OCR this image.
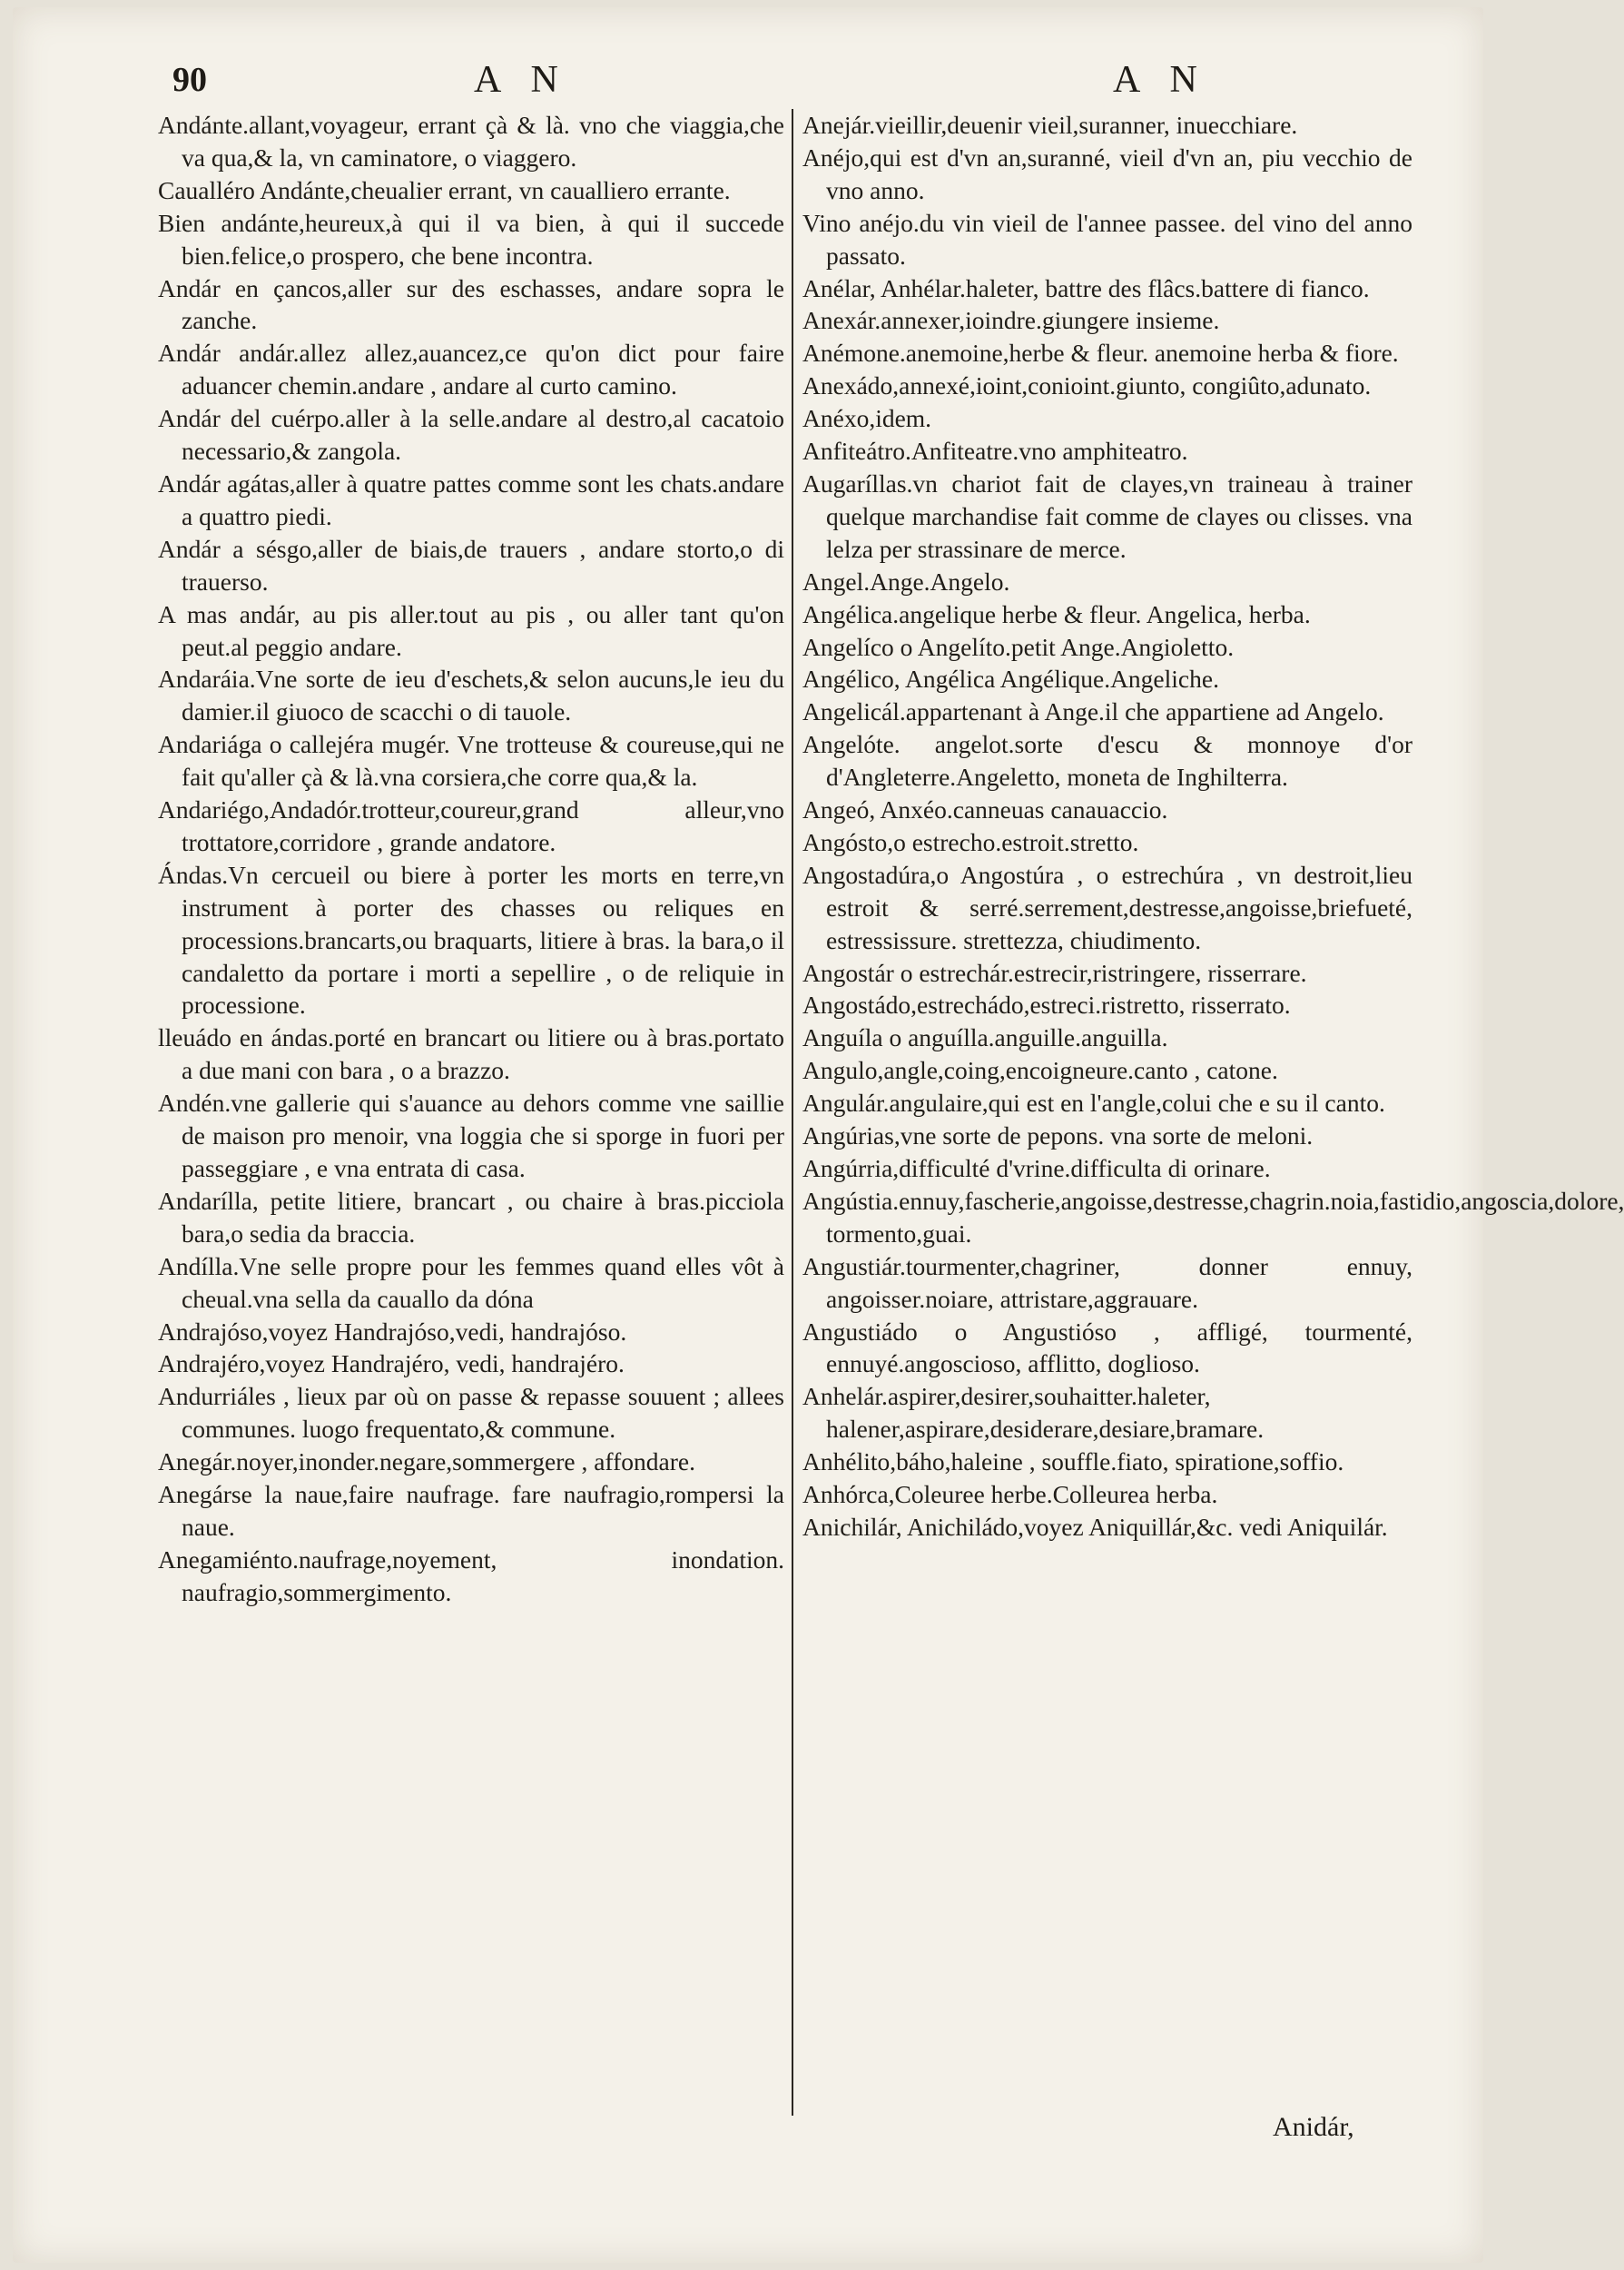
90	A N	A N

Andánte.allant,voyageur, errant çà & là. vno che viaggia,che va qua,& la, vn caminatore, o viaggero.

Caualléro Andánte,cheualier errant, vn caualliero errante.

Bien andánte,heureux,à qui il va bien, à qui il succede bien.felice,o prospero, che bene incontra.

Andár en çancos,aller sur des eschasses, andare sopra le zanche.

Andár andár.allez allez,auancez,ce qu'on dict pour faire aduancer chemin.andare , andare al curto camino.

Andár del cuérpo.aller à la selle.andare al destro,al cacatoio necessario,& zangola.

Andár agátas,aller à quatre pattes comme sont les chats.andare a quattro piedi.

Andár a sésgo,aller de biais,de trauers , andare storto,o di trauerso.

A mas andár, au pis aller.tout au pis , ou aller tant qu'on peut.al peggio andare.

Andaráia.Vne sorte de ieu d'eschets,& selon aucuns,le ieu du damier.il giuoco de scacchi o di tauole.

Andariága o callejéra mugér. Vne trotteuse & coureuse,qui ne fait qu'aller çà & là.vna corsiera,che corre qua,& la.

Andariégo,Andadór.trotteur,coureur,grand alleur,vno trottatore,corridore , grande andatore.

Ándas.Vn cercueil ou biere à porter les morts en terre,vn instrument à porter des chasses ou reliques en processions.brancarts,ou braquarts, litiere à bras. la bara,o il candaletto da portare i morti a sepellire , o de reliquie in processione.

lleuádo en ándas.porté en brancart ou litiere ou à bras.portato a due mani con bara , o a brazzo.

Andén.vne gallerie qui s'auance au dehors comme vne saillie de maison pro menoir, vna loggia che si sporge in fuori per passeggiare , e vna entrata di casa.

Andarílla, petite litiere, brancart , ou chaire à bras.picciola bara,o sedia da braccia.

Andílla.Vne selle propre pour les femmes quand elles vôt à cheual.vna sella da cauallo da dóna

Andrajóso,voyez Handrajóso,vedi, handrajóso.

Andrajéro,voyez Handrajéro, vedi, handrajéro.

Andurriáles , lieux par où on passe & repasse souuent ; allees communes. luogo frequentato,& commune.

Anegár.noyer,inonder.negare,sommergere , affondare.

Anegárse la naue,faire naufrage. fare naufragio,rompersi la naue.

Anegamiénto.naufrage,noyement, inondation. naufragio,sommergimento.

Anejár.vieillir,deuenir vieil,suranner, inuecchiare.

Anéjo,qui est d'vn an,suranné, vieil d'vn an, piu vecchio de vno anno.

Vino anéjo.du vin vieil de l'annee passee. del vino del anno passato.

Anélar, Anhélar.haleter, battre des flâcs.battere di fianco.

Anexár.annexer,ioindre.giungere insieme.

Anémone.anemoine,herbe & fleur. anemoine herba & fiore.

Anexádo,annexé,ioint,conioint.giunto, congiûto,adunato.

Anéxo,idem.

Anfiteátro.Anfiteatre.vno amphiteatro.

Augaríllas.vn chariot fait de clayes,vn traineau à trainer quelque marchandise fait comme de clayes ou clisses. vna lelza per strassinare de merce.

Angel.Ange.Angelo.

Angélica.angelique herbe & fleur. Angelica, herba.

Angelíco o Angelíto.petit Ange.Angioletto.

Angélico, Angélica Angélique.Angeliche.

Angelicál.appartenant à Ange.il che appartiene ad Angelo.

Angelóte. angelot.sorte d'escu & monnoye d'or d'Angleterre.Angeletto, moneta de Inghilterra.

Angeó, Anxéo.canneuas canauaccio.

Angósto,o estrecho.estroit.stretto.

Angostadúra,o Angostúra , o estrechúra , vn destroit,lieu estroit & serré.serrement,destresse,angoisse,briefueté, estressissure. strettezza, chiudimento.

Angostár o estrechár.estrecir,ristringere, risserrare.

Angostádo,estrechádo,estreci.ristretto, risserrato.

Anguíla o anguílla.anguille.anguilla.

Angulo,angle,coing,encoigneure.canto , catone.

Angulár.angulaire,qui est en l'angle,colui che e su il canto.

Angúrias,vne sorte de pepons. vna sorte de meloni.

Angúrria,difficulté d'vrine.difficulta di orinare.

Angústia.ennuy,fascherie,angoisse,destresse,chagrin.noia,fastidio,angoscia,dolore, tormento,guai.

Angustiár.tourmenter,chagriner, donner ennuy, angoisser.noiare, attristare,aggrauare.

Angustiádo o Angustióso , affligé, tourmenté, ennuyé.angoscioso, afflitto, doglioso.

Anhelár.aspirer,desirer,souhaitter.haleter, halener,aspirare,desiderare,desiare,bramare.

Anhélito,báho,haleine , souffle.fiato, spiratione,soffio.

Anhórca,Coleuree herbe.Colleurea herba.

Anichilár, Anichiládo,voyez Aniquillár,&c. vedi Aniquilár.

Anidár,
